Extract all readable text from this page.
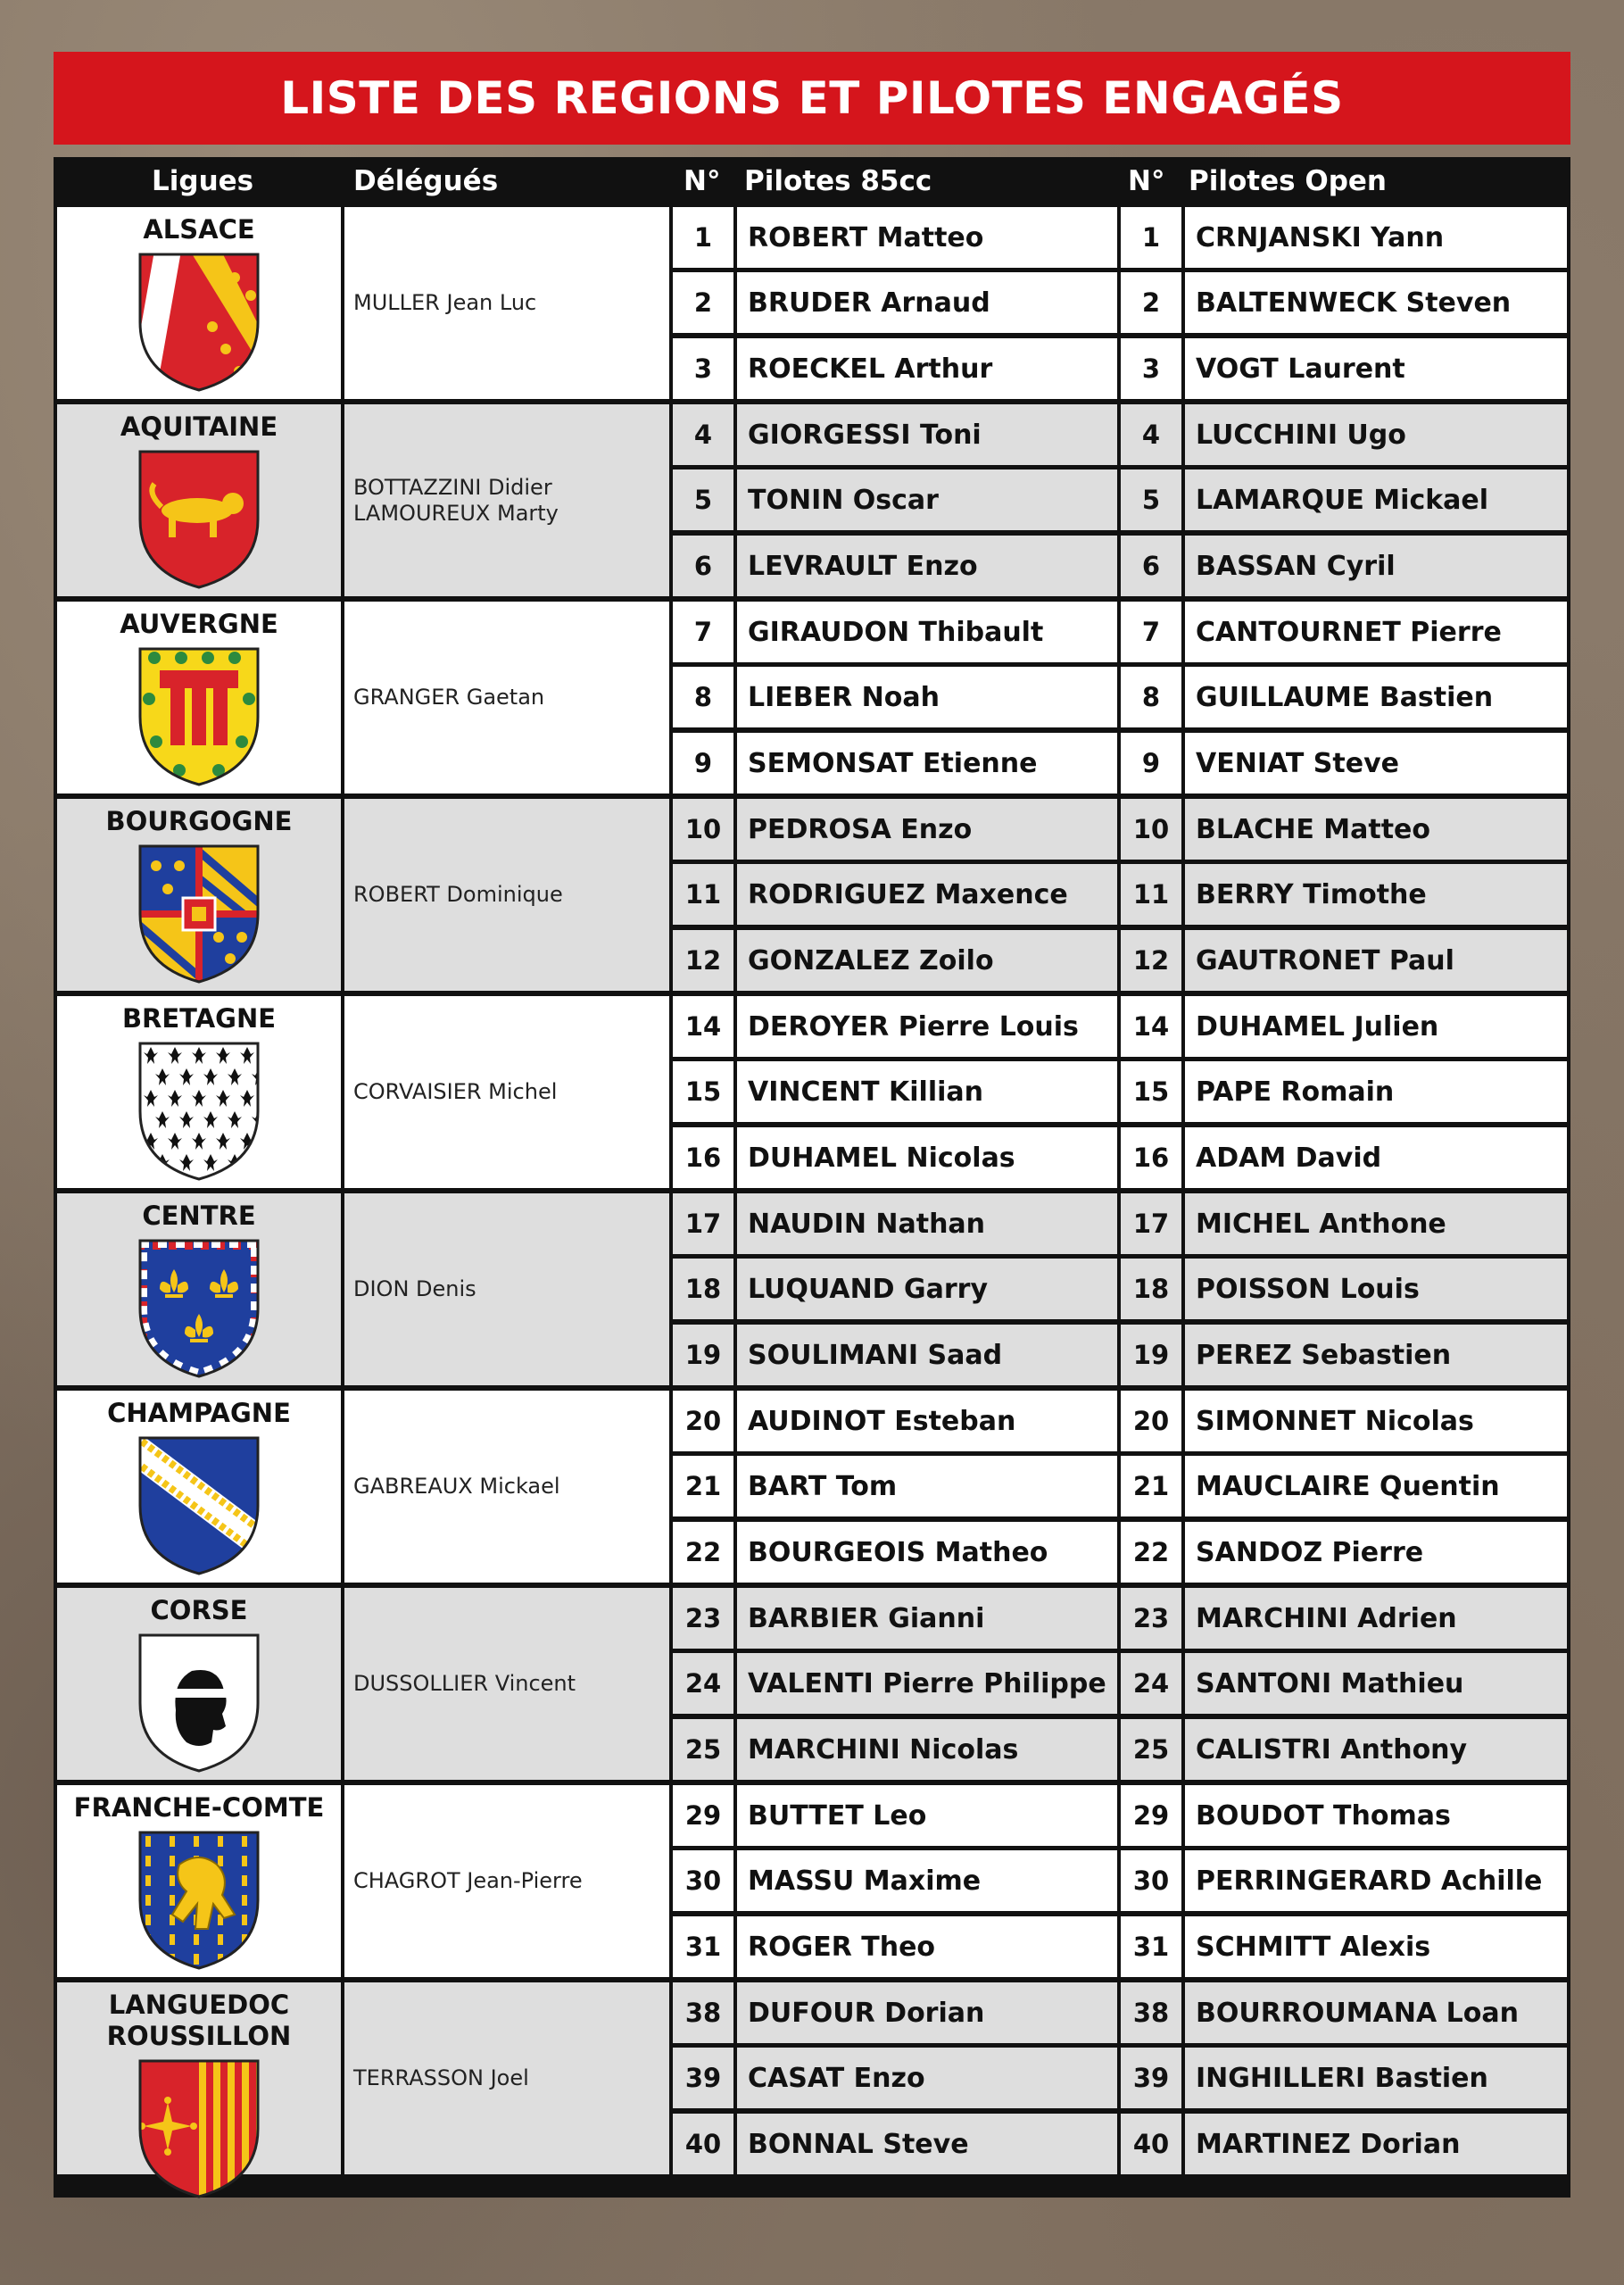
LISTE DES REGIONS ET PILOTES ENGAGÉS
Ligues	Délégués	N° Pilotes 85cc	N° Pilotes Open
ALSACE
MULLER Jean Luc
1	ROBERT Matteo	1	CRNJANSKI Yann
2	BRUDER Arnaud	2	BALTENWECK Steven
3	ROECKEL Arthur	3	VOGT Laurent
AQUITAINE
BOTTAZZINI Didier
LAMOUREUX Marty
4	GIORGESSI Toni	4	LUCCHINI Ugo
5	TONIN Oscar	5	LAMARQUE Mickael
6	LEVRAULT Enzo	6	BASSAN Cyril
AUVERGNE
GRANGER Gaetan
7	GIRAUDON Thibault	7	CANTOURNET Pierre
8	LIEBER Noah	8	GUILLAUME Bastien
9	SEMONSAT Etienne	9	VENIAT Steve
BOURGOGNE
ROBERT Dominique
10 PEDROSA Enzo	10 BLACHE Matteo
11 RODRIGUEZ Maxence	11 BERRY Timothe
12 GONZALEZ Zoilo	12 GAUTRONET Paul
BRETAGNE
CORVAISIER Michel
14 DEROYER Pierre Louis	14 DUHAMEL Julien
15 VINCENT Killian	15 PAPE Romain
16 DUHAMEL Nicolas	16 ADAM David
CENTRE
DION Denis
17 NAUDIN Nathan	17 MICHEL Anthone
18 LUQUAND Garry	18 POISSON Louis
19 SOULIMANI Saad	19 PEREZ Sebastien
CHAMPAGNE
GABREAUX Mickael
20 AUDINOT Esteban	20 SIMONNET Nicolas
21 BART Tom	21 MAUCLAIRE Quentin
22 BOURGEOIS Matheo	22 SANDOZ Pierre
CORSE
DUSSOLLIER Vincent
23 BARBIER Gianni	23 MARCHINI Adrien
24 VALENTI Pierre Philippe	24 SANTONI Mathieu
25 MARCHINI Nicolas	25 CALISTRI Anthony
FRANCHE-COMTE
CHAGROT Jean-Pierre
29 BUTTET Leo	29 BOUDOT Thomas
30 MASSU Maxime	30 PERRINGERARD Achille
31 ROGER Theo	31 SCHMITT Alexis
LANGUEDOC
ROUSSILLON
TERRASSON Joel
38 DUFOUR Dorian	38 BOURROUMANA Loan
39 CASAT Enzo	39 INGHILLERI Bastien
40 BONNAL Steve	40 MARTINEZ Dorian
